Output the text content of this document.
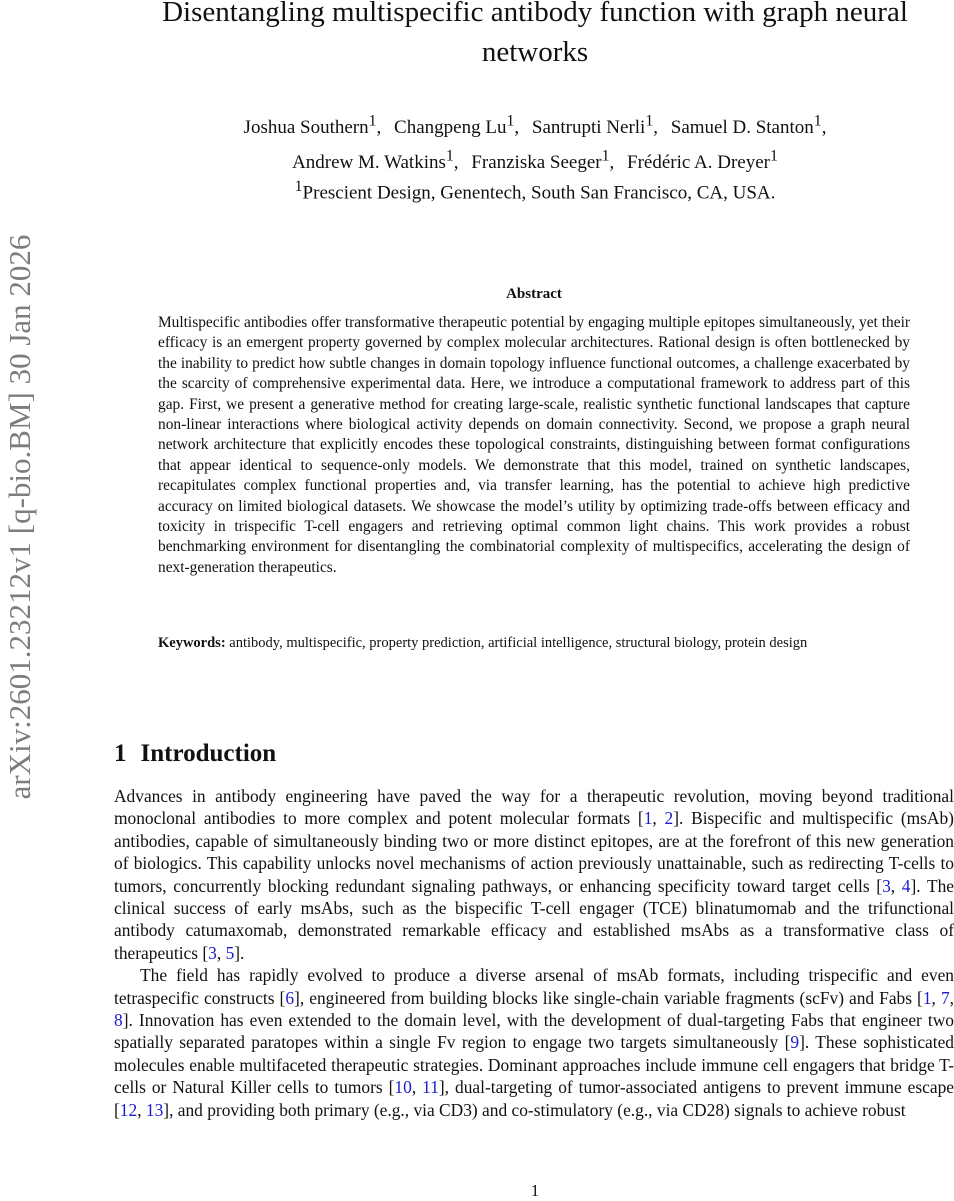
arXiv:2601.23212v1 [q-bio.BM] 30 Jan 2026
Disentangling multispecific antibody function with graph neural networks
Joshua Southern$^1$, Changpeng Lu$^1$, Santrupti Nerli$^1$, Samuel D. Stanton$^1$,
Andrew M. Watkins$^1$, Franziska Seeger$^1$, Frédéric A. Dreyer$^1$
$^1$Prescient Design, Genentech, South San Francisco, CA, USA.
Abstract

Multispecific antibodies offer transformative therapeutic potential by engaging multiple epitopes simultaneously, yet their efficacy is an emergent property governed by complex molecular architectures. Rational design is often bottlenecked by the inability to predict how subtle changes in domain topology influence functional outcomes, a challenge exacerbated by the scarcity of comprehensive experimental data. Here, we introduce a computational framework to address part of this gap. First, we present a generative method for creating large-scale, realistic synthetic functional landscapes that capture non-linear interactions where biological activity depends on domain connectivity. Second, we propose a graph neural network architecture that explicitly encodes these topological constraints, distinguishing between format configurations that appear identical to sequence-only models. We demonstrate that this model, trained on synthetic landscapes, recapitulates complex functional properties and, via transfer learning, has the potential to achieve high predictive accuracy on limited biological datasets. We showcase the model’s utility by optimizing trade-offs between efficacy and toxicity in trispecific T-cell engagers and retrieving optimal common light chains. This work provides a robust benchmarking environment for disentangling the combinatorial complexity of multispecifics, accelerating the design of next-generation therapeutics.

Keywords: antibody, multispecific, property prediction, artificial intelligence, structural biology, protein design

1 Introduction

Advances in antibody engineering have paved the way for a therapeutic revolution, moving beyond traditional monoclonal antibodies to more complex and potent molecular formats [1, 2]. Bispecific and multispecific (msAb) antibodies, capable of simultaneously binding two or more distinct epitopes, are at the forefront of this new generation of biologics. This capability unlocks novel mechanisms of action previously unattainable, such as redirecting T-cells to tumors, concurrently blocking redundant signaling pathways, or enhancing specificity toward target cells [3, 4]. The clinical success of early msAbs, such as the bispecific T-cell engager (TCE) blinatumomab and the trifunctional antibody catumaxomab, demonstrated remarkable efficacy and established msAbs as a transformative class of therapeutics [3, 5].

The field has rapidly evolved to produce a diverse arsenal of msAb formats, including trispecific and even tetraspecific constructs [6], engineered from building blocks like single-chain variable fragments (scFv) and Fabs [1, 7, 8]. Innovation has even extended to the domain level, with the development of dual-targeting Fabs that engineer two spatially separated paratopes within a single Fv region to engage two targets simultaneously [9]. These sophisticated molecules enable multifaceted therapeutic strategies. Dominant approaches include immune cell engagers that bridge T-cells or Natural Killer cells to tumors [10, 11], dual-targeting of tumor-associated antigens to prevent immune escape [12, 13], and providing both primary (e.g., via CD3) and co-stimulatory (e.g., via CD28) signals to achieve robust

1
